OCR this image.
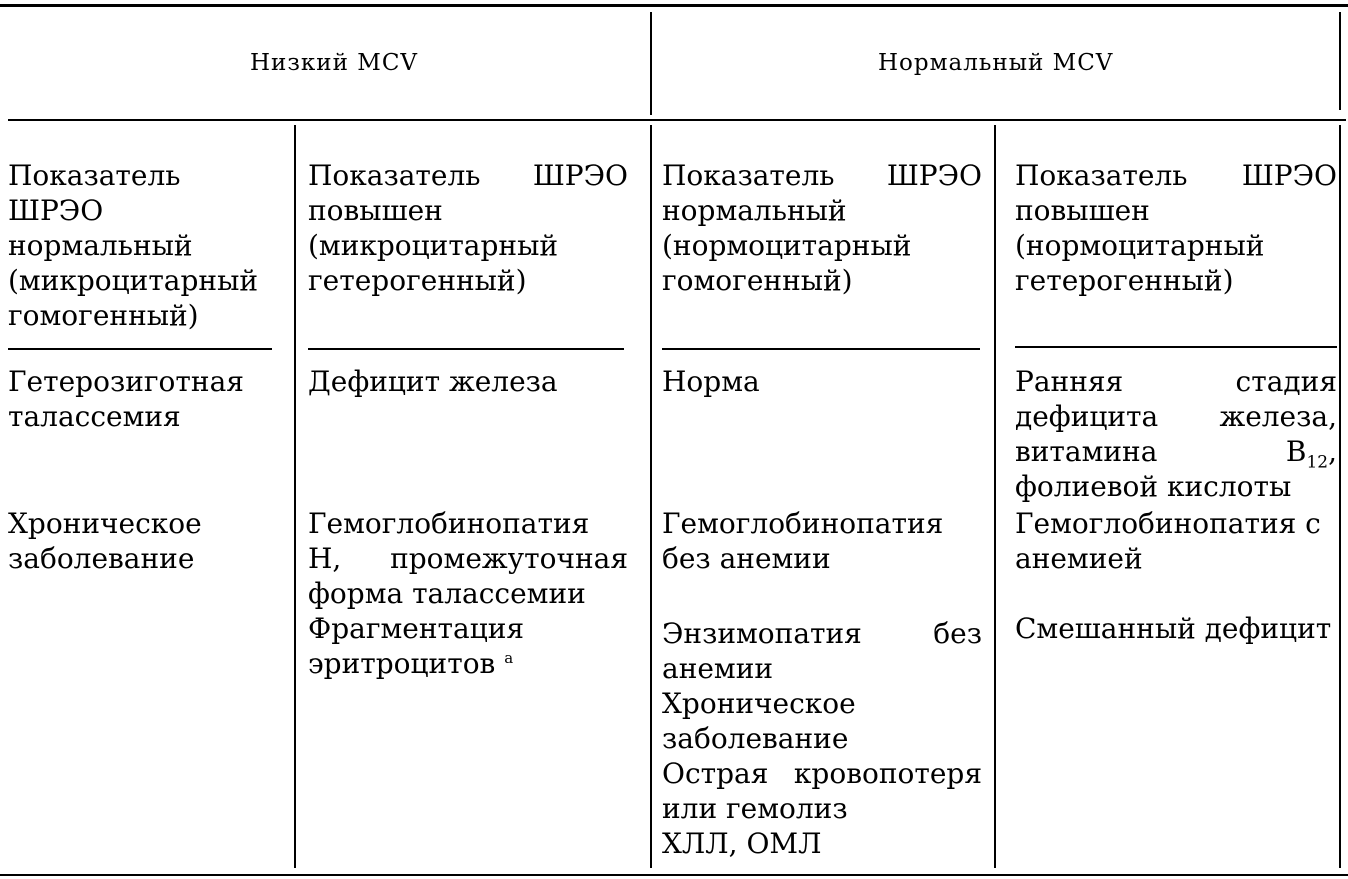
Низкий MCV	Нормальный MCV
Показатель ШРЭО нормальный (микроцитарный гомогенный)
Показатель ШРЭО повышен (микроцитарный гетерогенный)
Показатель ШРЭО нормальный (нормоцитарный гомогенный)
Показатель ШРЭО повышен (нормоцитарный гетерогенный)
Гетерозиготная талассемия
Хроническое заболевание
Дефицит железа
Гемоглобинопатия Н, промежуточная форма талассемии
Фрагментация эритроцитов $^а$
Норма
Гемоглобинопатия без анемии
Энзимопатия без анемии
Хроническое заболевание
Острая кровопотеря или гемолиз
ХЛЛ, ОМЛ
Ранняя стадия дефицита железа, витамина $B_{12}$, фолиевой кислоты
Гемоглобинопатия с анемией
Смешанный дефицит
